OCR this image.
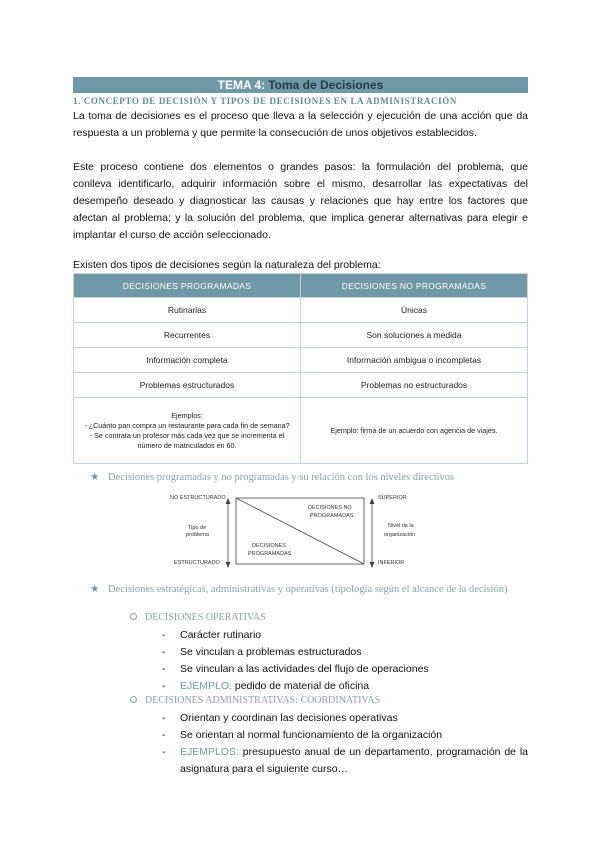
TEMA 4: Toma de Decisiones
1. CONCEPTO DE DECISIÓN Y TIPOS DE DECISIONES EN LA ADMINISTRACIÓN

La toma de decisiones es el proceso que lleva a la selección y ejecución de una acción que da respuesta a un problema y que permite la consecución de unos objetivos establecidos.

Este proceso contiene dos elementos o grandes pasos: la formulación del problema, que conlleva identificarlo, adquirir información sobre el mismo, desarrollar las expectativas del desempeño deseado y diagnosticar las causas y relaciones que hay entre los factores que afectan al problema; y la solución del problema, que implica generar alternativas para elegir e implantar el curso de acción seleccionado.

Existen dos tipos de decisiones según la naturaleza del problema:

DECISIONES PROGRAMADAS	DECISIONES NO PROGRAMADAS
Rutinarias	Únicas
Recurrentes	Son soluciones a medida
Información completa	Información ambigua o incompletas
Problemas estructurados	Problemas no estructurados

Ejemplos:
- ¿Cuánto pan compra un restaurante para cada fin de semana?
- Se contrata un profesor más cada vez que se incrementa el número de matriculados en 60.	Ejemplo: firma de un acuerdo con agencia de viajes.
★ Decisiones programadas y no programadas y su relación con los niveles directivos
NO ESTRUCTURADO
ESTRUCTURADO
Tipo de
problema
SUPERIOR
INFERIOR
Nivel de la
organización
DECISIONES NO
PROGRAMADAS
DECISIONES
PROGRAMADAS
★ Decisiones estratégicas, administrativas y operativas (tipología según el alcance de la decisión)
DECISIONES OPERATIVAS
- Carácter rutinario
- Se vinculan a problemas estructurados
- Se vinculan a las actividades del flujo de operaciones
- EJEMPLO: pedido de material de oficina
DECISIONES ADMINISTRATIVAS: COORDINATIVAS
- Orientan y coordinan las decisiones operativas
- Se orientan al normal funcionamiento de la organización
- EJEMPLOS: presupuesto anual de un departamento, programación de la asignatura para el siguiente curso…
